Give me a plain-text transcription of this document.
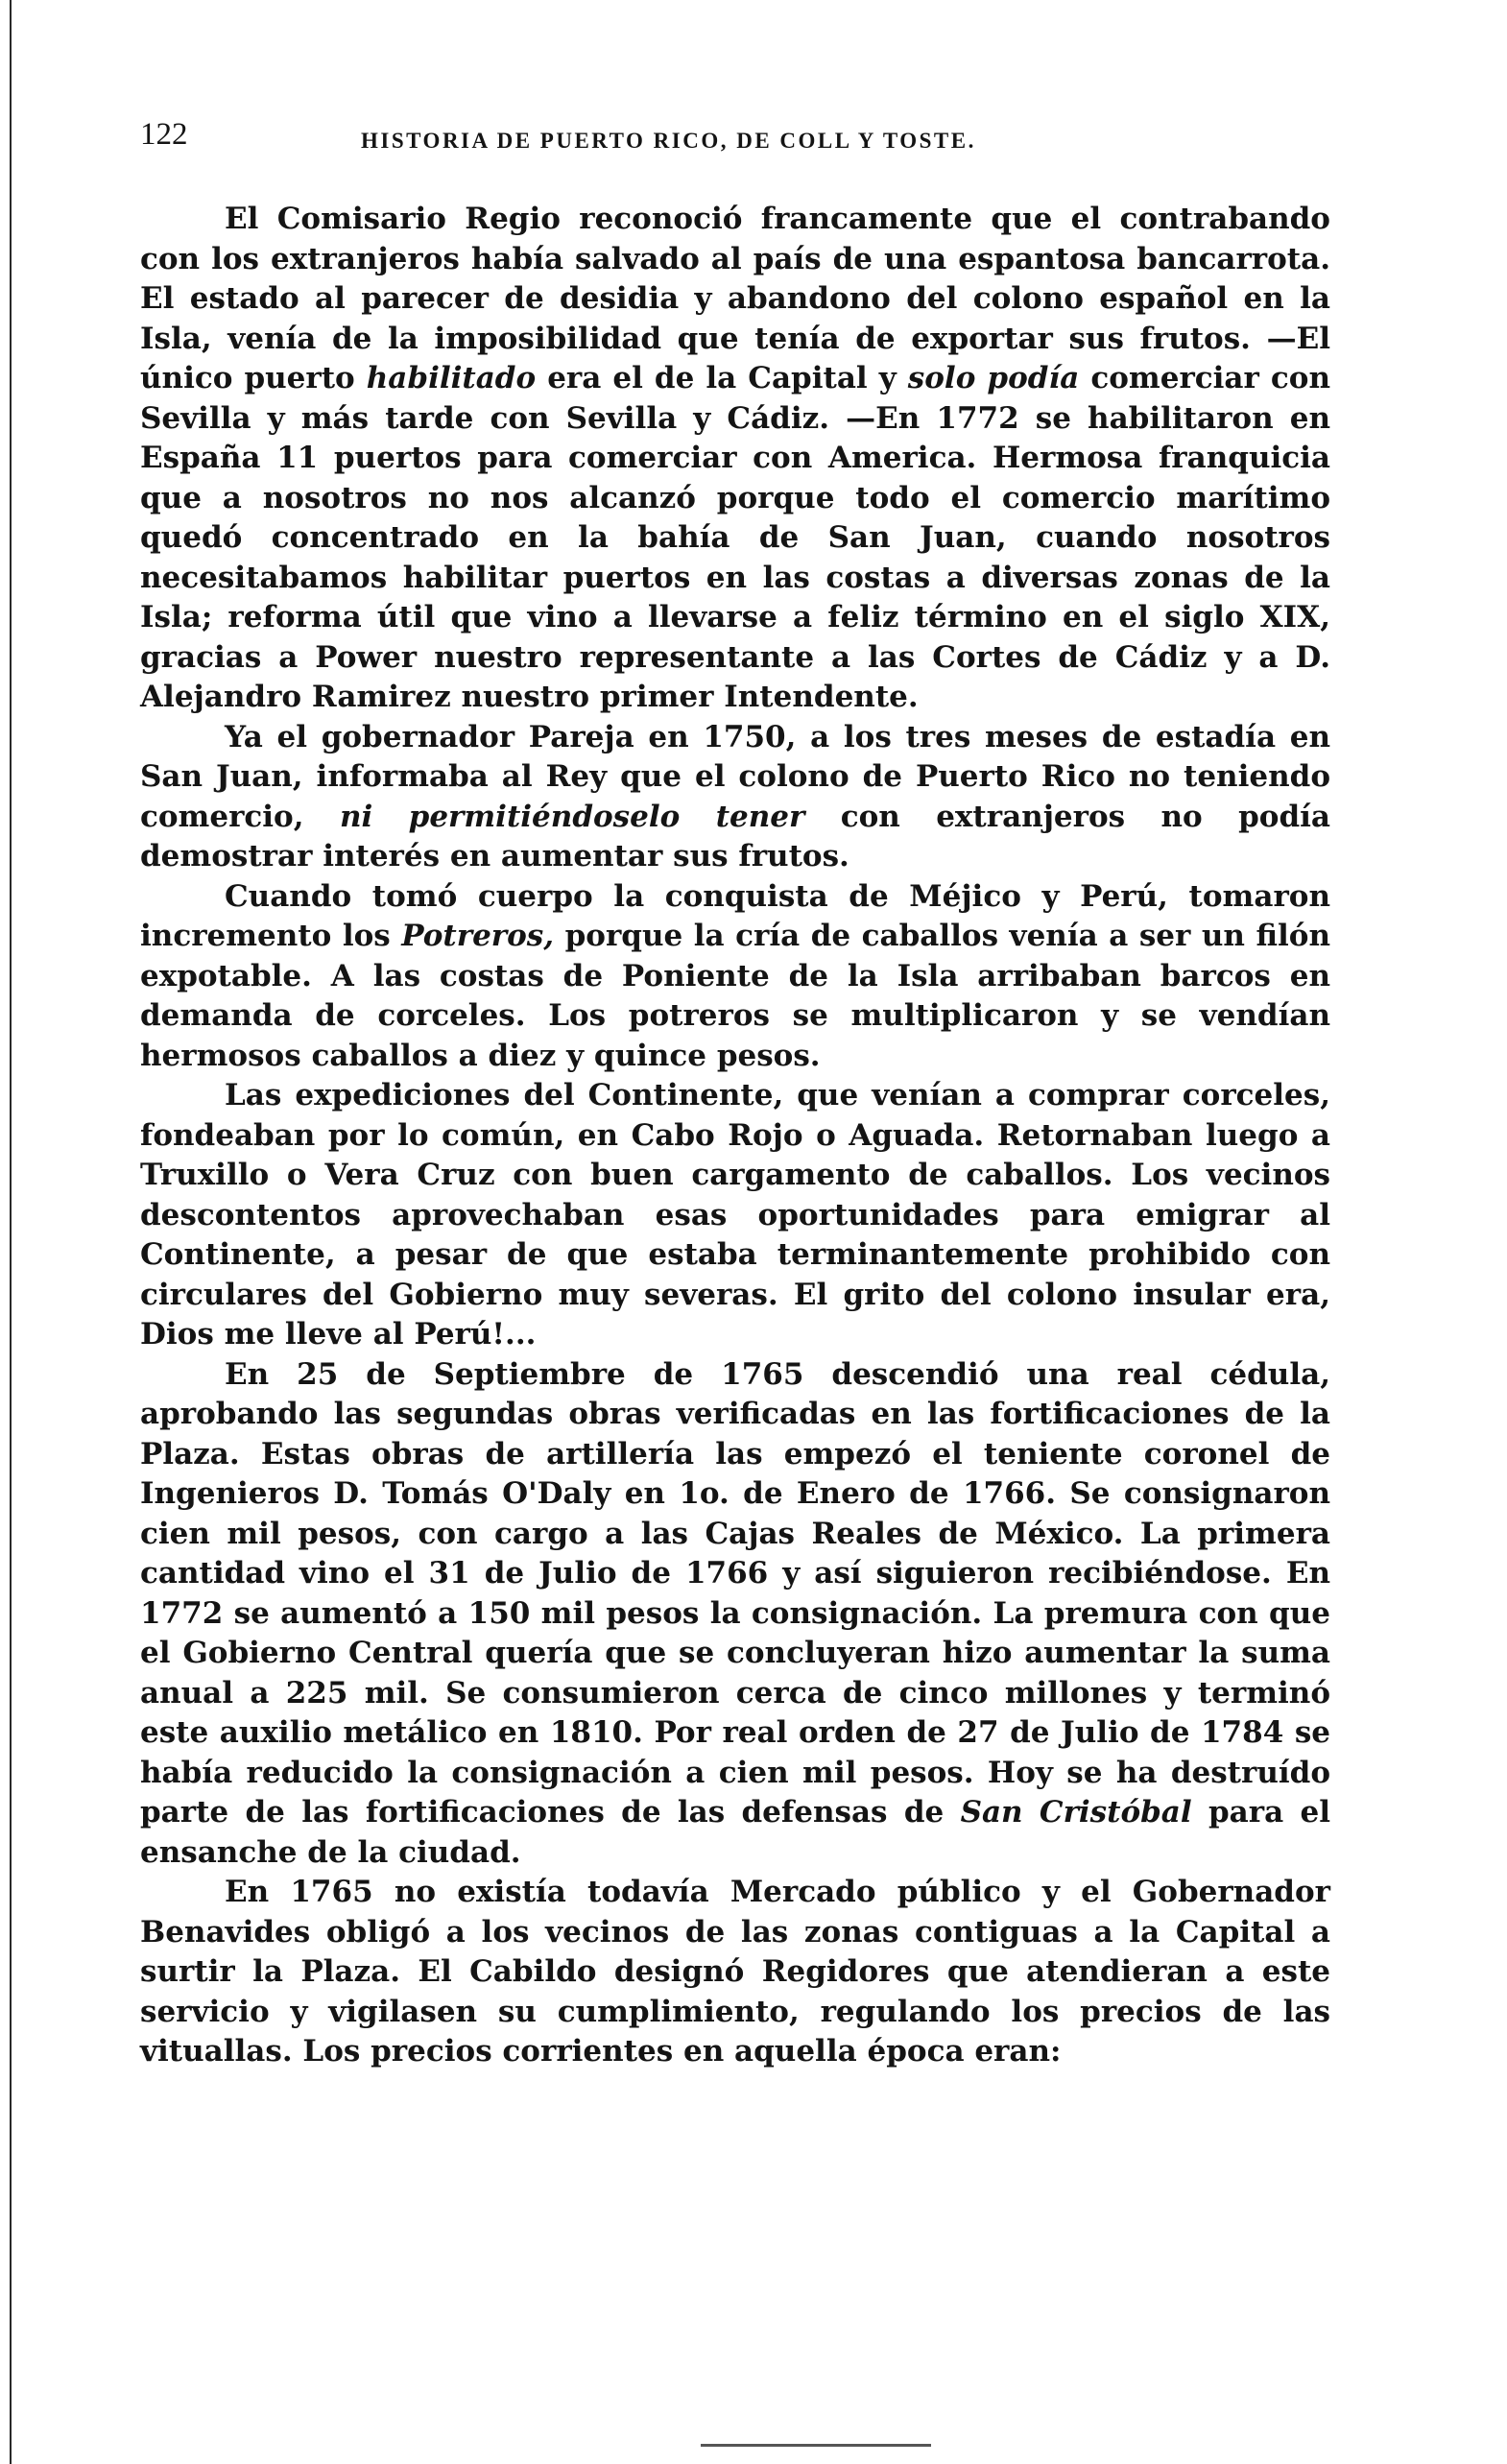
122	HISTORIA DE PUERTO RICO, DE COLL Y TOSTE.

El Comisario Regio reconoció francamente que el contrabando con los extranjeros había salvado al país de una espantosa bancarrota. El estado al parecer de desidia y abandono del colono español en la Isla, venía de la imposibilidad que tenía de exportar sus frutos. —El único puerto habilitado era el de la Capital y solo podía comerciar con Sevilla y más tarde con Sevilla y Cádiz. —En 1772 se habilitaron en España 11 puertos para comerciar con America. Hermosa franquicia que a nosotros no nos alcanzó porque todo el comercio marítimo quedó concentrado en la bahía de San Juan, cuando nosotros necesitabamos habilitar puertos en las costas a diversas zonas de la Isla; reforma útil que vino a llevarse a feliz término en el siglo XIX, gracias a Power nuestro representante a las Cortes de Cádiz y a D. Alejandro Ramirez nuestro primer Intendente.

Ya el gobernador Pareja en 1750, a los tres meses de estadía en San Juan, informaba al Rey que el colono de Puerto Rico no teniendo comercio, ni permitiéndoselo tener con extranjeros no podía demostrar interés en aumentar sus frutos.

Cuando tomó cuerpo la conquista de Méjico y Perú, tomaron incremento los Potreros, porque la cría de caballos venía a ser un filón expotable. A las costas de Poniente de la Isla arribaban barcos en demanda de corceles. Los potreros se multiplicaron y se vendían hermosos caballos a diez y quince pesos.

Las expediciones del Continente, que venían a comprar corceles, fondeaban por lo común, en Cabo Rojo o Aguada. Retornaban luego a Truxillo o Vera Cruz con buen cargamento de caballos. Los vecinos descontentos aprovechaban esas oportunidades para emigrar al Continente, a pesar de que estaba terminantemente prohibido con circulares del Gobierno muy severas. El grito del colono insular era, Dios me lleve al Perú!...

En 25 de Septiembre de 1765 descendió una real cédula, aprobando las segundas obras verificadas en las fortificaciones de la Plaza. Estas obras de artillería las empezó el teniente coronel de Ingenieros D. Tomás O'Daly en 1o. de Enero de 1766. Se consignaron cien mil pesos, con cargo a las Cajas Reales de México. La primera cantidad vino el 31 de Julio de 1766 y así siguieron recibiéndose. En 1772 se aumentó a 150 mil pesos la consignación. La premura con que el Gobierno Central quería que se concluyeran hizo aumentar la suma anual a 225 mil. Se consumieron cerca de cinco millones y terminó este auxilio metálico en 1810. Por real orden de 27 de Julio de 1784 se había reducido la consignación a cien mil pesos. Hoy se ha destruído parte de las fortificaciones de las defensas de San Cristóbal para el ensanche de la ciudad.

En 1765 no existía todavía Mercado público y el Gobernador Benavides obligó a los vecinos de las zonas contiguas a la Capital a surtir la Plaza. El Cabildo designó Regidores que atendieran a este servicio y vigilasen su cumplimiento, regulando los precios de las vituallas. Los precios corrientes en aquella época eran:
